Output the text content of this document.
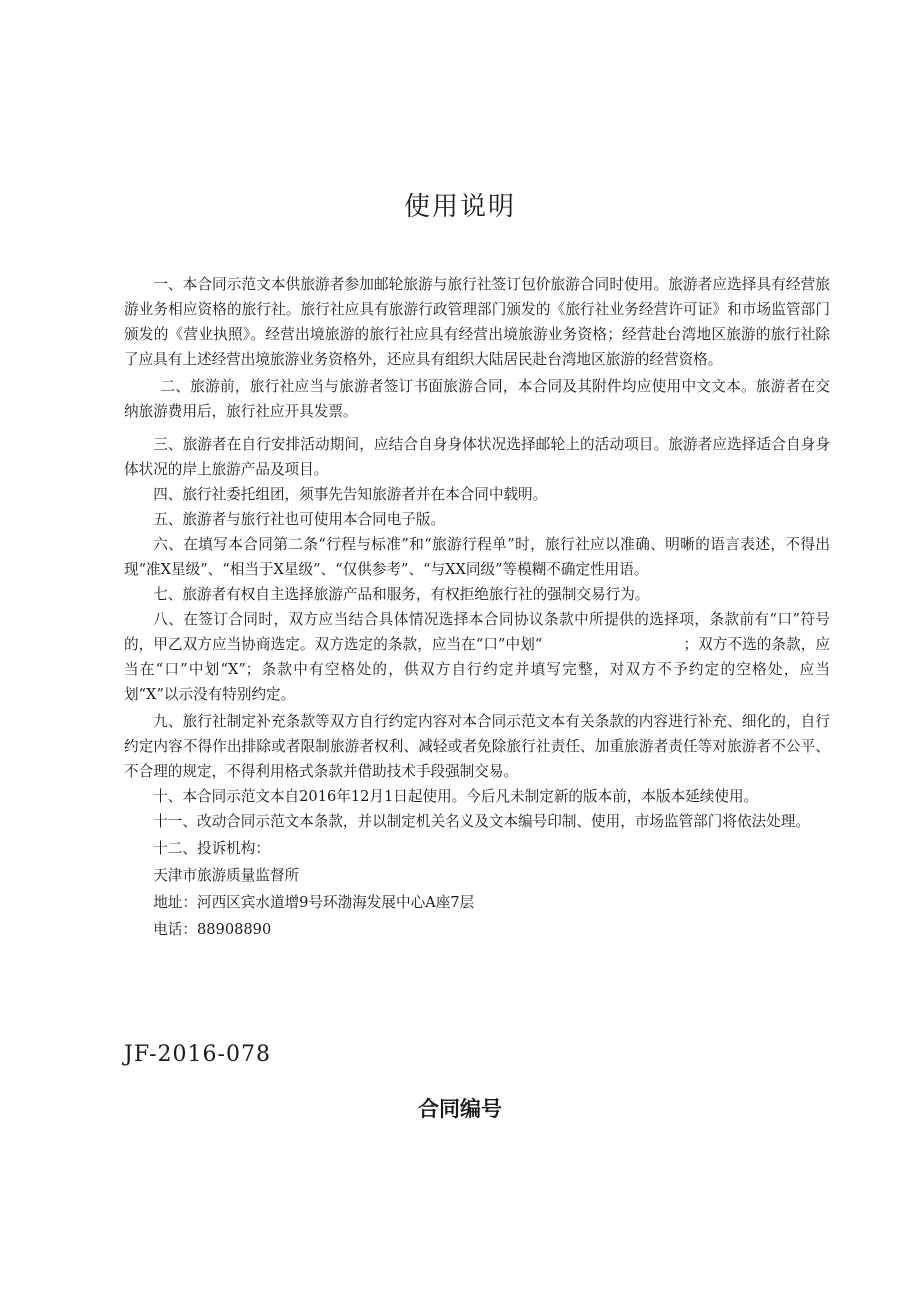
使用说明

一、本合同示范文本供旅游者参加邮轮旅游与旅行社签订包价旅游合同时使用。旅游者应选择具有经营旅游业务相应资格的旅行社。旅行社应具有旅游行政管理部门颁发的《旅行社业务经营许可证》和市场监管部门颁发的《营业执照》。经营出境旅游的旅行社应具有经营出境旅游业务资格；经营赴台湾地区旅游的旅行社除了应具有上述经营出境旅游业务资格外，还应具有组织大陆居民赴台湾地区旅游的经营资格。

二、旅游前，旅行社应当与旅游者签订书面旅游合同，本合同及其附件均应使用中文文本。旅游者在交纳旅游费用后，旅行社应开具发票。

三、旅游者在自行安排活动期间，应结合自身身体状况选择邮轮上的活动项目。旅游者应选择适合自身身体状况的岸上旅游产品及项目。

四、旅行社委托组团，须事先告知旅游者并在本合同中载明。

五、旅游者与旅行社也可使用本合同电子版。

六、在填写本合同第二条“行程与标准”和“旅游行程单”时，旅行社应以准确、明晰的语言表述，不得出现“准X星级”、“相当于X星级”、“仅供参考”、“与XX同级”等模糊不确定性用语。

七、旅游者有权自主选择旅游产品和服务，有权拒绝旅行社的强制交易行为。

八、在签订合同时，双方应当结合具体情况选择本合同协议条款中所提供的选择项，条款前有“口”符号的，甲乙双方应当协商选定。双方选定的条款，应当在“口”中划“                              ；双方不选的条款，应当在“口”中划“X”；条款中有空格处的，供双方自行约定并填写完整，对双方不予约定的空格处，应当划“X”以示没有特别约定。

九、旅行社制定补充条款等双方自行约定内容对本合同示范文本有关条款的内容进行补充、细化的，自行约定内容不得作出排除或者限制旅游者权利、减轻或者免除旅行社责任、加重旅游者责任等对旅游者不公平、不合理的规定，不得利用格式条款并借助技术手段强制交易。

十、本合同示范文本自2016年12月1日起使用。今后凡未制定新的版本前，本版本延续使用。

十一、改动合同示范文本条款，并以制定机关名义及文本编号印制、使用，市场监管部门将依法处理。

十二、投诉机构：

天津市旅游质量监督所

地址：河西区宾水道增9号环渤海发展中心A座7层

电话：88908890

JF-2016-078
合同编号
